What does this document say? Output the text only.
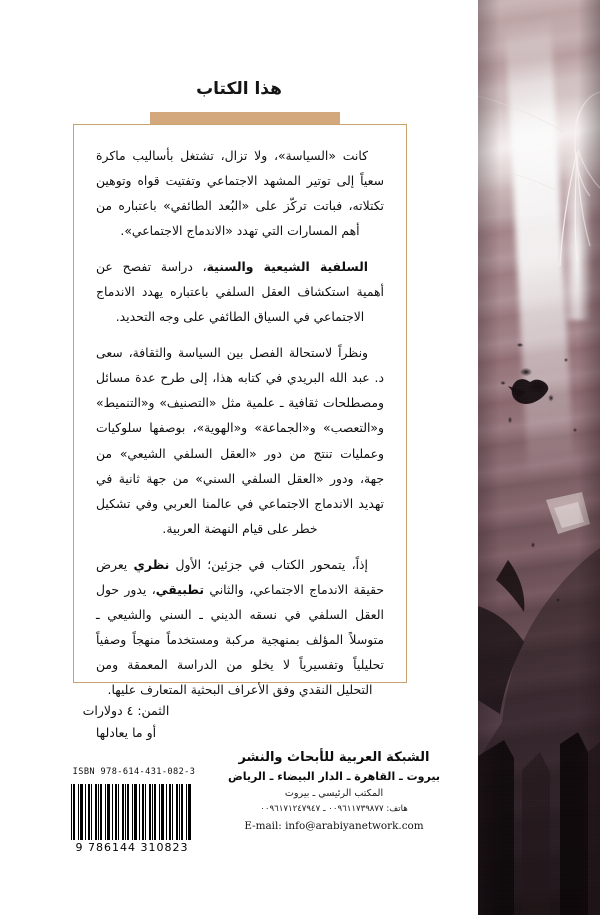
هذا الكتاب

كانت «السياسة»، ولا تزال، تشتغل بأساليب ماكرة سعياً إلى توتير المشهد الاجتماعي وتفتيت قواه وتوهين تكتلاته، فباتت تركّز على «البُعد الطائفي» باعتباره من أهم المسارات التي تهدد «الاندماج الاجتماعي».

السلفية الشيعية والسنية، دراسة تفصح عن أهمية استكشاف العقل السلفي باعتباره يهدد الاندماج الاجتماعي في السياق الطائفي على وجه التحديد.

ونظراً لاستحالة الفصل بين السياسة والثقافة، سعى د. عبد الله البريدي في كتابه هذا، إلى طرح عدة مسائل ومصطلحات ثقافية ـ علمية مثل «التصنيف» و«التنميط» و«التعصب» و«الجماعة» و«الهوية»، بوصفها سلوكيات وعمليات تنتج من دور «العقل السلفي الشيعي» من جهة، ودور «العقل السلفي السني» من جهة ثانية في تهديد الاندماج الاجتماعي في عالمنا العربي وفي تشكيل خطر على قيام النهضة العربية.

إذاً، يتمحور الكتاب في جزئين؛ الأول نظري يعرض حقيقة الاندماج الاجتماعي، والثاني تطبيقي، يدور حول العقل السلفي في نسقه الديني ـ السني والشيعي ـ متوسلاً المؤلف بمنهجية مركبة ومستخدماً منهجاً وصفياً تحليلياً وتفسيرياً لا يخلو من الدراسة المعمقة ومن التحليل النقدي وفق الأعراف البحثية المتعارف عليها.

الثمن: ٤ دولارات
أو ما يعادلها
ISBN 978-614-431-082-3
9 786144 310823
الشبكة العربية للأبحاث والنشر
بيروت ـ القاهرة ـ الدار البيضاء ـ الرياض
المكتب الرئيسي ـ بيروت
هاتف: ٠٠٩٦١١٧٣٩٨٧٧ ـ ٠٠٩٦١٧١٢٤٧٩٤٧
E-mail: info@arabiyanetwork.com
